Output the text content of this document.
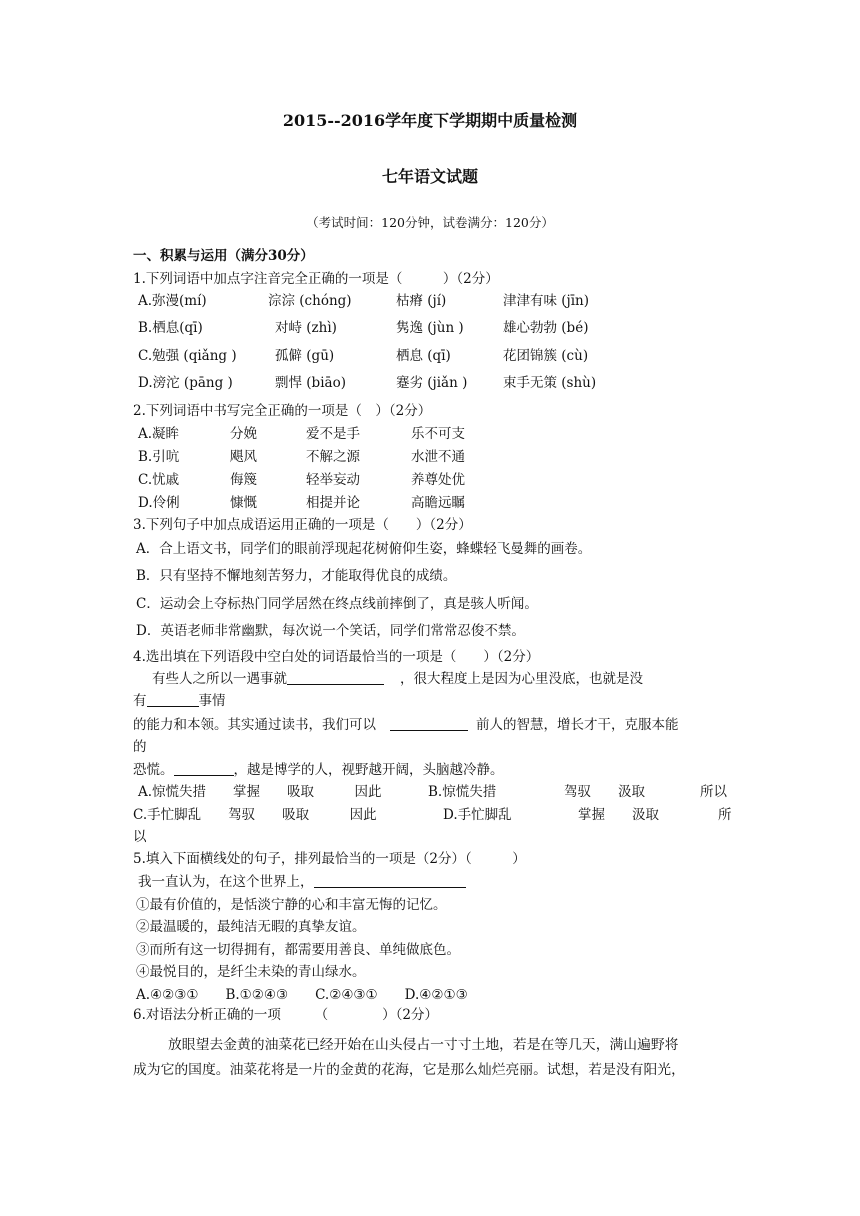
2015--2016学年度下学期期中质量检测
七年语文试题
（考试时间：120分钟，试卷满分：120分）
一、积累与运用（满分30分）
1.下列词语中加点字注音完全正确的一项是（　　　）（2分）
A.弥漫(mí)	淙淙 (chóng)	枯瘠 (jí)	津津有味 (jīn)
B.栖息(qī)	对峙 (zhì)	隽逸 (jùn )	雄心勃勃 (bé)
C.勉强 (qiǎng )	孤僻 (gū)	栖息 (qī)	花团锦簇 (cù)
D.滂沱 (pāng )	剽悍 (biāo)	蹇劣 (jiǎn )	束手无策 (shù)
2.下列词语中书写完全正确的一项是（　）（2分）
A.凝眸	分娩	爱不是手	乐不可支
B.引吭	飓风	不解之源	水泄不通
C.忧戚	侮篾	轻举妄动	养尊处优
D.伶俐	慷慨	相提并论	高瞻远瞩
3.下列句子中加点成语运用正确的一项是（　　）（2分）
A．合上语文书，同学们的眼前浮现起花树俯仰生姿，蜂蝶轻飞曼舞的画卷。
B．只有坚持不懈地刻苦努力，才能取得优良的成绩。
C．运动会上夺标热门同学居然在终点线前摔倒了，真是骇人听闻。
D．英语老师非常幽默，每次说一个笑话，同学们常常忍俊不禁。
4.选出填在下列语段中空白处的词语最恰当的一项是（　　）（2分）
有些人之所以一遇事就	，很大程度上是因为心里没底，也就是没
有	事情
的能力和本领。其实通过读书，我们可以	前人的智慧，增长才干，克服本能
的
恐慌。	，越是博学的人，视野越开阔，头脑越冷静。
A.惊慌失措　　掌握　　吸取　　　因此	B.惊慌失措	驾驭　　汲取	所以
C.手忙脚乱　　驾驭　　吸取　　　因此	D.手忙脚乱	掌握　　汲取	所
以
5.填入下面横线处的句子，排列最恰当的一项是（2分）（　　　）
我一直认为，在这个世界上，
①最有价值的，是恬淡宁静的心和丰富无悔的记忆。
②最温暖的，最纯洁无暇的真挚友谊。
③而所有这一切得拥有，都需要用善良、单纯做底色。
④最悦目的，是纤尘未染的青山绿水。
A.④②③①　　B.①②④③　　C.②④③①　　D.④②①③
6.对语法分析正确的一项　　　（　　　　）（2分）
放眼望去金黄的油菜花已经开始在山头侵占一寸寸土地，若是在等几天，满山遍野将
成为它的国度。油菜花将是一片的金黄的花海，它是那么灿烂亮丽。试想，若是没有阳光，
